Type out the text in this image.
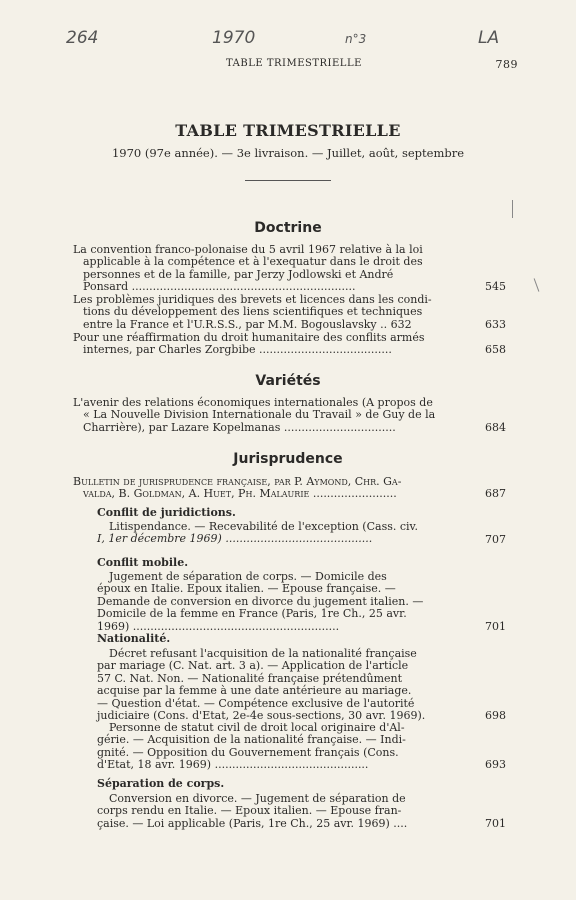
264	1970	n°3	LA
TABLE TRIMESTRIELLE	789
TABLE TRIMESTRIELLE
1970 (97e année). — 3e livraison. — Juillet, août, septembre
Doctrine
La convention franco-polonaise du 5 avril 1967 relative à la loi
applicable à la compétence et à l'exequatur dans le droit des
personnes et de la famille, par Jerzy Jodlowski et André
Ponsard ................................................................	545
Les problèmes juridiques des brevets et licences dans les condi-
tions du développement des liens scientifiques et techniques
entre la France et l'U.R.S.S., par M.M. Bogouslavsky .. 632	633
Pour une réaffirmation du droit humanitaire des conflits armés
internes, par Charles Zorgbibe ......................................	658
Variétés
L'avenir des relations économiques internationales (A propos de
« La Nouvelle Division Internationale du Travail » de Guy de la
Charrière), par Lazare Kopelmanas ................................	684
Jurisprudence
Bulletin de jurisprudence française, par P. Aymond, Chr. Ga-
valda, B. Goldman, A. Huet, Ph. Malaurie ........................	687
Conflit de juridictions.
Litispendance. — Recevabilité de l'exception (Cass. civ.
I, 1er décembre 1969) ..........................................	707
Conflit mobile.
Jugement de séparation de corps. — Domicile des
époux en Italie. Epoux italien. — Epouse française. —
Demande de conversion en divorce du jugement italien. —
Domicile de la femme en France (Paris, 1re Ch., 25 avr.
1969) ...........................................................	701
Nationalité.
Décret refusant l'acquisition de la nationalité française
par mariage (C. Nat. art. 3 a). — Application de l'article
57 C. Nat. Non. — Nationalité française prétendûment
acquise par la femme à une date antérieure au mariage.
— Question d'état. — Compétence exclusive de l'autorité
judiciaire (Cons. d'Etat, 2e-4e sous-sections, 30 avr. 1969).	698
Personne de statut civil de droit local originaire d'Al-
gérie. — Acquisition de la nationalité française. — Indi-
gnité. — Opposition du Gouvernement français (Cons.
d'Etat, 18 avr. 1969) ............................................	693
Séparation de corps.
Conversion en divorce. — Jugement de séparation de
corps rendu en Italie. — Epoux italien. — Epouse fran-
çaise. — Loi applicable (Paris, 1re Ch., 25 avr. 1969) ....	701
